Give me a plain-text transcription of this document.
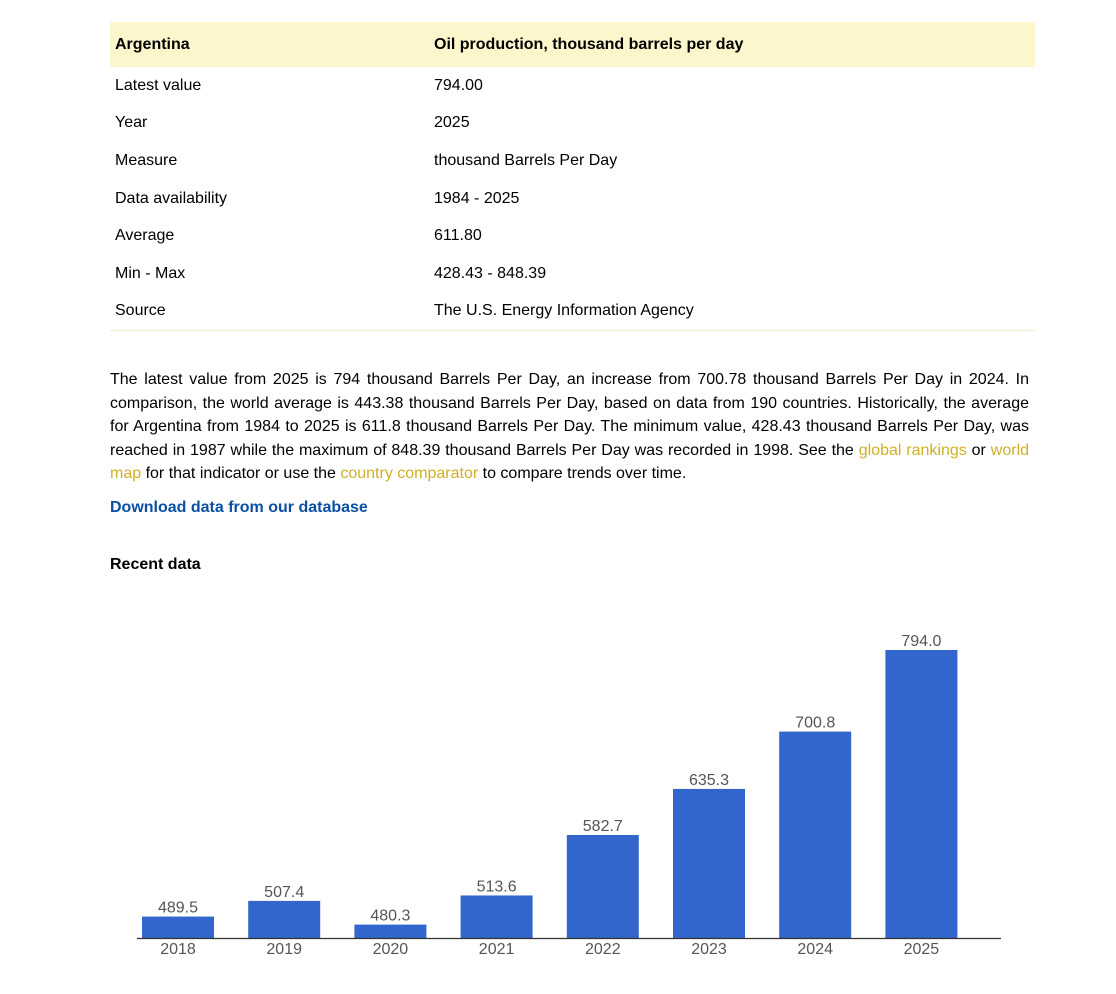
Argentina	Oil production, thousand barrels per day
Latest value	794.00
Year	2025
Measure	thousand Barrels Per Day
Data availability	1984 - 2025
Average	611.80
Min - Max	428.43 - 848.39
Source	The U.S. Energy Information Agency

The latest value from 2025 is 794 thousand Barrels Per Day, an increase from 700.78 thousand Barrels Per Day in 2024. In comparison, the world average is 443.38 thousand Barrels Per Day, based on data from 190 countries. Historically, the average for Argentina from 1984 to 2025 is 611.8 thousand Barrels Per Day. The minimum value, 428.43 thousand Barrels Per Day, was reached in 1987 while the maximum of 848.39 thousand Barrels Per Day was recorded in 1998. See the global rankings or world map for that indicator or use the country comparator to compare trends over time.

Download data from our database
Recent data
489.5
2018
507.4
2019
480.3
2020
513.6
2021
582.7
2022
635.3
2023
700.8
2024
794.0
2025
